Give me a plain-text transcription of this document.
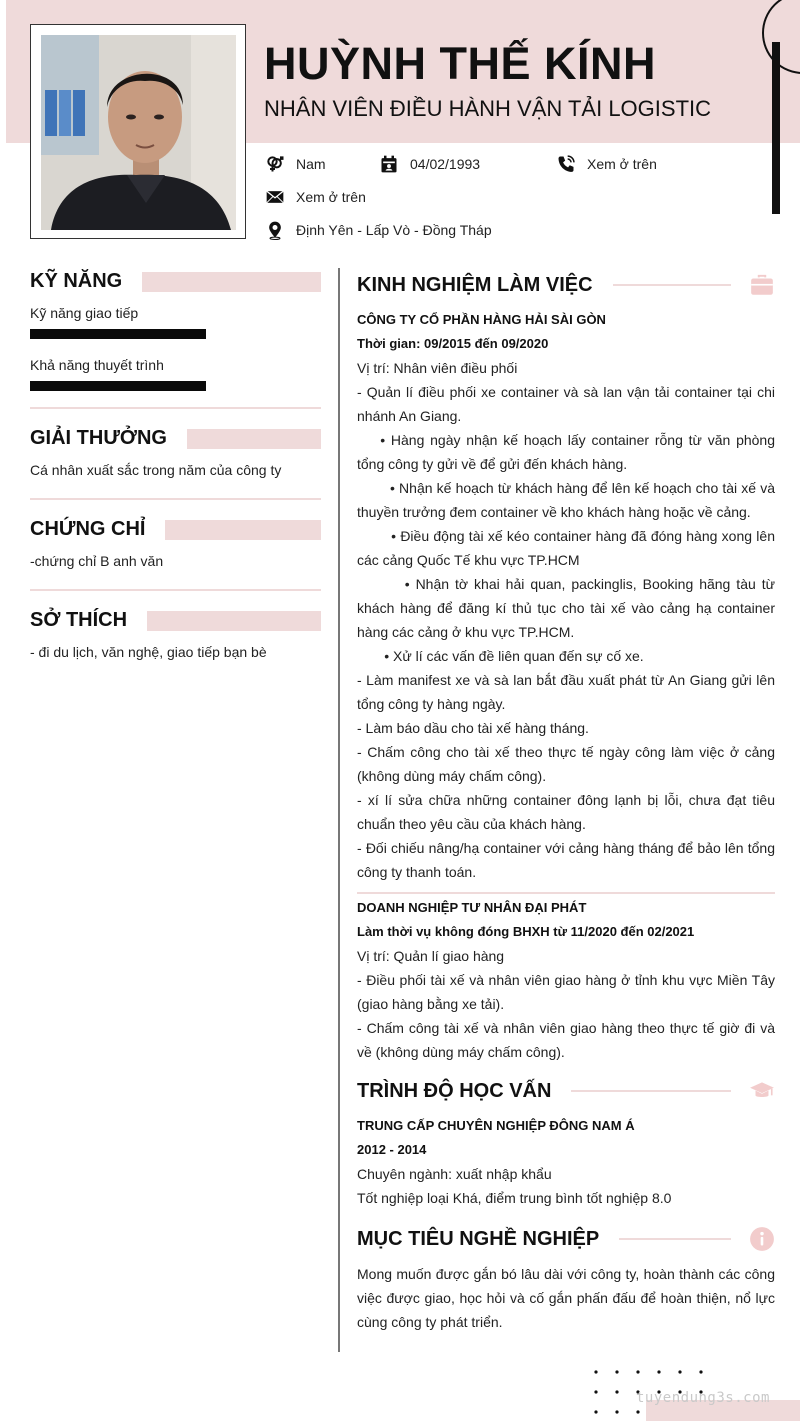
HUỲNH THẾ KÍNH
NHÂN VIÊN ĐIỀU HÀNH VẬN TẢI LOGISTIC
Nam	04/02/1993	Xem ở trên
Xem ở trên
Định Yên - Lấp Vò - Đồng Tháp
KỸ NĂNG
Kỹ năng giao tiếp
Khả năng thuyết trình
GIẢI THƯỞNG
Cá nhân xuất sắc trong năm của công ty
CHỨNG CHỈ
-chứng chỉ B anh văn
SỞ THÍCH
- đi du lịch, văn nghệ, giao tiếp bạn bè
KINH NGHIỆM LÀM VIỆC
CÔNG TY CỔ PHẦN HÀNG HẢI SÀI GÒN
Thời gian: 09/2015 đến 09/2020
Vị trí: Nhân viên điều phối
- Quản lí điều phối xe container và sà lan vận tải container tại chi nhánh An Giang.
• Hàng ngày nhận kế hoạch lấy container rỗng từ văn phòng tổng công ty gửi về để gửi đến khách hàng.
• Nhận kế hoạch từ khách hàng để lên kế hoạch cho tài xế và thuyền trưởng đem container về kho khách hàng hoặc về cảng.
• Điều động tài xế kéo container hàng đã đóng hàng xong lên các cảng Quốc Tế khu vực TP.HCM
• Nhận tờ khai hải quan, packinglis, Booking hãng tàu từ khách hàng để đăng kí thủ tục cho tài xế vào cảng hạ container hàng các cảng ở khu vực TP.HCM.
• Xử lí các vấn đề liên quan đến sự cố xe.
- Làm manifest xe và sà lan bắt đầu xuất phát từ An Giang gửi lên tổng công ty hàng ngày.
- Làm báo dầu cho tài xế hàng tháng.
- Chấm công cho tài xế theo thực tế ngày công làm việc ở cảng (không dùng máy chấm công).
- xí lí sửa chữa những container đông lạnh bị lỗi, chưa đạt tiêu chuẩn theo yêu cầu của khách hàng.
- Đối chiếu nâng/hạ container với cảng hàng tháng để bảo lên tổng công ty thanh toán.
DOANH NGHIỆP TƯ NHÂN ĐẠI PHÁT
Làm thời vụ không đóng BHXH từ 11/2020 đến 02/2021
Vị trí: Quản lí giao hàng
- Điều phối tài xế và nhân viên giao hàng ở tỉnh khu vực Miền Tây (giao hàng bằng xe tải).
- Chấm công tài xế và nhân viên giao hàng theo thực tế giờ đi và về (không dùng máy chấm công).
TRÌNH ĐỘ HỌC VẤN
TRUNG CẤP CHUYÊN NGHIỆP ĐÔNG NAM Á
2012 - 2014
Chuyên ngành: xuất nhập khẩu
Tốt nghiệp loại Khá, điểm trung bình tốt nghiệp 8.0
MỤC TIÊU NGHỀ NGHIỆP
Mong muốn được gắn bó lâu dài với công ty, hoàn thành các công việc được giao, học hỏi và cố gắn phấn đấu để hoàn thiện, nổ lực cùng công ty phát triển.
tuyendung3s.com
